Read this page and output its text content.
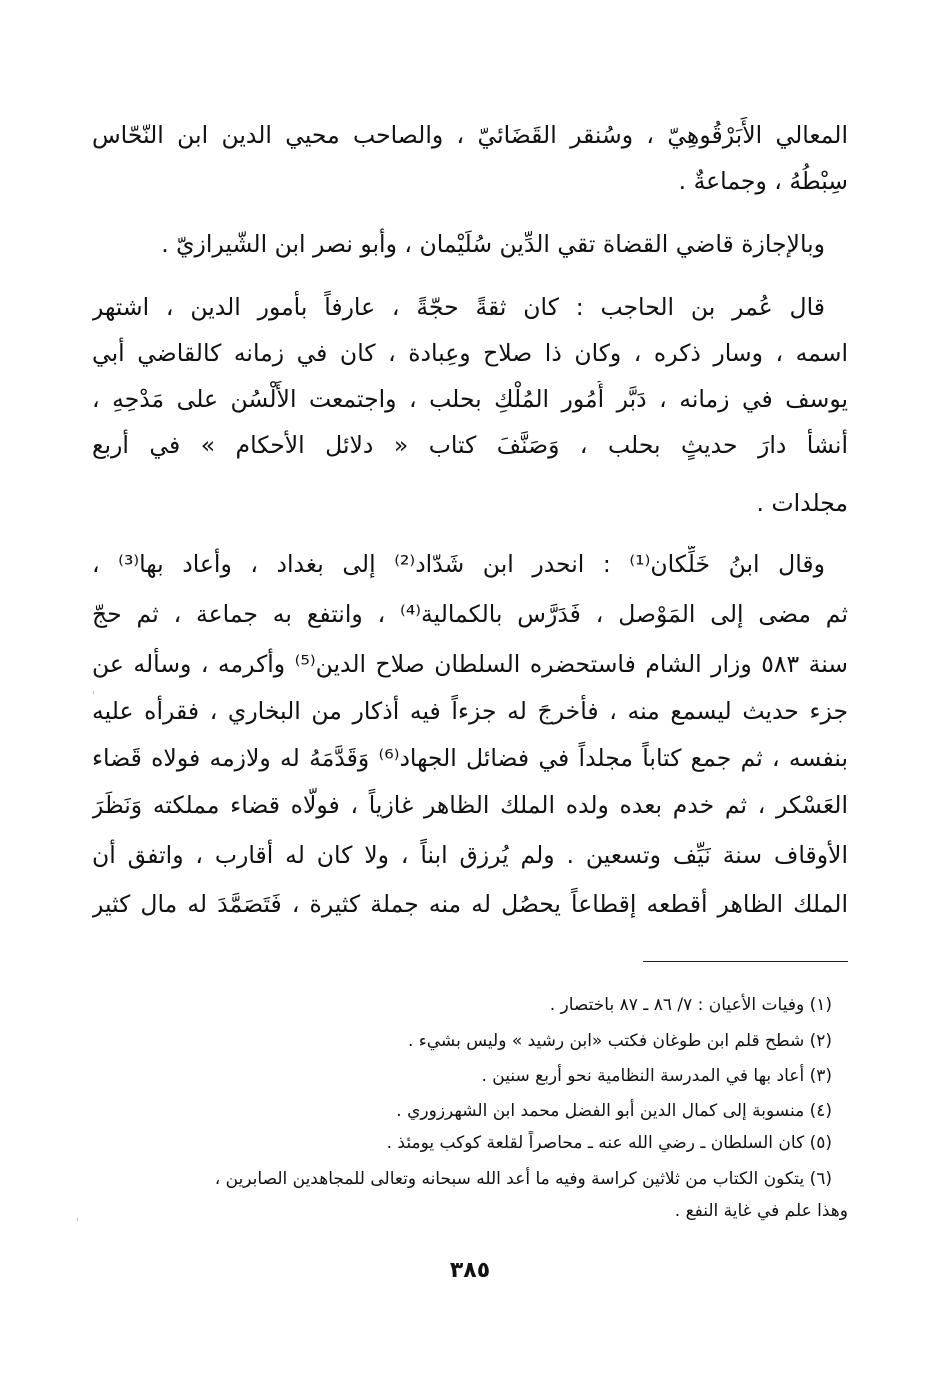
المعالي الأَبَرْقُوهِيّ ، وسُنقر القَضَائيّ ، والصاحب محيي الدين ابن النّحّاس
سِبْطُهُ ، وجماعةٌ .
وبالإجازة قاضي القضاة تقي الدِّين سُلَيْمان ، وأبو نصر ابن الشّيرازيّ .
قال عُمر بن الحاجب : كان ثقةً حجّةً ، عارفاً بأمور الدين ، اشتهر
اسمه ، وسار ذكره ، وكان ذا صلاح وعِبادة ، كان في زمانه كالقاضي أبي
يوسف في زمانه ، دَبَّر أُمُور المُلْكِ بحلب ، واجتمعت الأَلْسُن على مَدْحِهِ ،
أنشأ دارَ حديثٍ بحلب ، وَصَنَّفَ كتاب « دلائل الأحكام » في أربع
مجلدات .
وقال ابنُ خَلِّكان⁽¹⁾ : انحدر ابن شَدّاد⁽²⁾ إلى بغداد ، وأعاد بها⁽³⁾ ،
ثم مضى إلى المَوْصل ، فَدَرَّس بالكمالية⁽⁴⁾ ، وانتفع به جماعة ، ثم حجّ
سنة ٥٨٣ وزار الشام فاستحضره السلطان صلاح الدين⁽⁵⁾ وأكرمه ، وسأله عن
جزء حديث ليسمع منه ، فأخرجَ له جزءاً فيه أذكار من البخاري ، فقرأه عليه
بنفسه ، ثم جمع كتاباً مجلداً في فضائل الجهاد⁽⁶⁾ وَقَدَّمَهُ له ولازمه فولاه قَضاء
العَسْكر ، ثم خدم بعده ولده الملك الظاهر غازياً ، فولّاه قضاء مملكته وَنَظَرَ
الأوقاف سنة نَيِّف وتسعين . ولم يُرزق ابناً ، ولا كان له أقارب ، واتفق أن
الملك الظاهر أقطعه إقطاعاً يحصُل له منه جملة كثيرة ، فَتَصَمَّدَ له مال كثير
(١) وفيات الأعيان : ٧/ ٨٦ ـ ٨٧ باختصار .
(٢) شطح قلم ابن طوغان فكتب «ابن رشيد » وليس بشيء .
(٣) أعاد بها في المدرسة النظامية نحو أربع سنين .
(٤) منسوبة إلى كمال الدين أبو الفضل محمد ابن الشهرزوري .
(٥) كان السلطان ـ رضي الله عنه ـ محاصراً لقلعة كوكب يومئذ .
(٦) يتكون الكتاب من ثلاثين كراسة وفيه ما أعد الله سبحانه وتعالى للمجاهدين الصابرين ،
وهذا علم في غاية النفع .
٣٨٥
